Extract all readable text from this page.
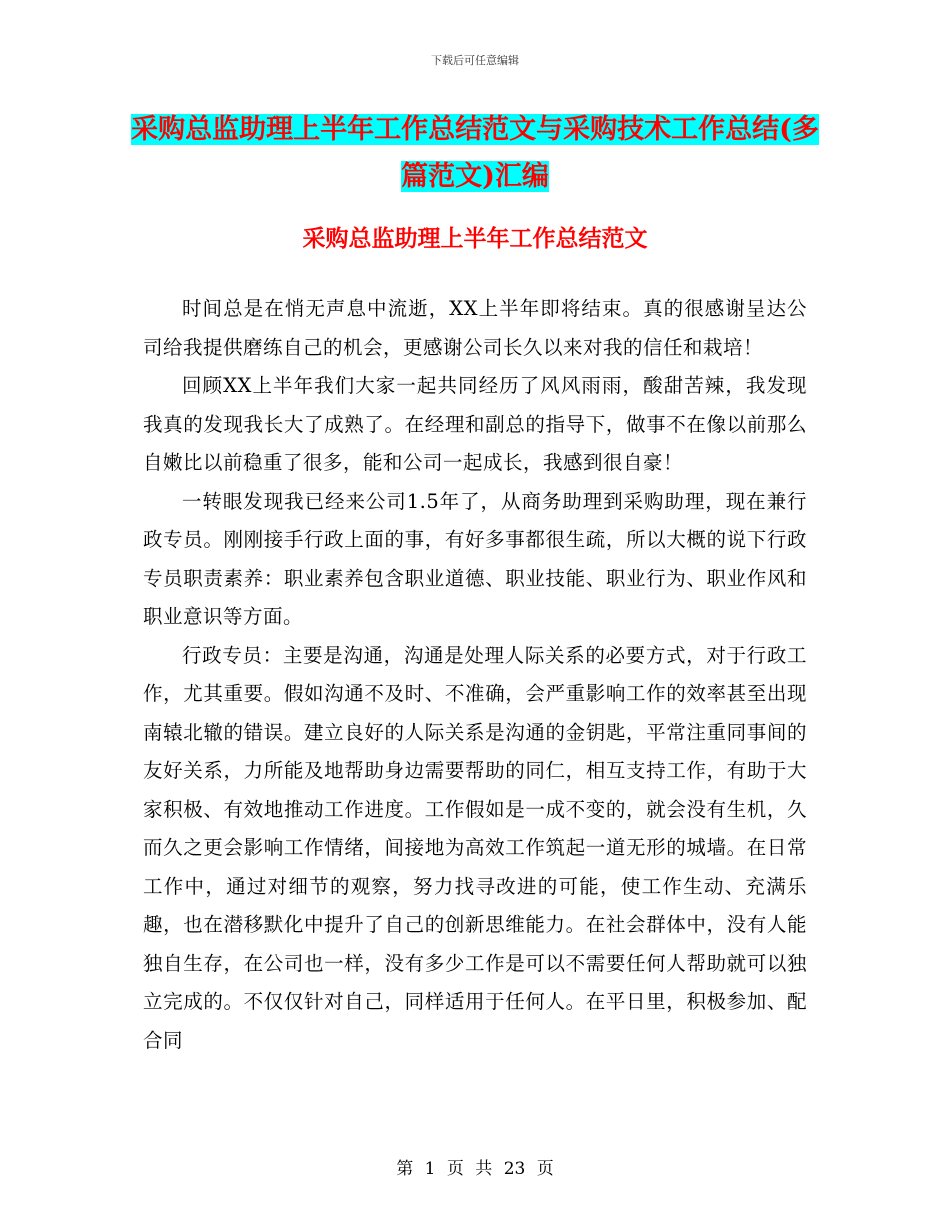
下载后可任意编辑
采购总监助理上半年工作总结范文与采购技术工作总结(多篇范文)汇编
采购总监助理上半年工作总结范文

时间总是在悄无声息中流逝，XX上半年即将结束。真的很感谢呈达公司给我提供磨练自己的机会，更感谢公司长久以来对我的信任和栽培！

回顾XX上半年我们大家一起共同经历了风风雨雨，酸甜苦辣，我发现我真的发现我长大了成熟了。在经理和副总的指导下，做事不在像以前那么自嫩比以前稳重了很多，能和公司一起成长，我感到很自豪！

一转眼发现我已经来公司1.5年了，从商务助理到采购助理，现在兼行政专员。刚刚接手行政上面的事，有好多事都很生疏，所以大概的说下行政专员职责素养：职业素养包含职业道德、职业技能、职业行为、职业作风和职业意识等方面。

行政专员：主要是沟通，沟通是处理人际关系的必要方式，对于行政工作，尤其重要。假如沟通不及时、不准确，会严重影响工作的效率甚至出现南辕北辙的错误。建立良好的人际关系是沟通的金钥匙，平常注重同事间的友好关系，力所能及地帮助身边需要帮助的同仁，相互支持工作，有助于大家积极、有效地推动工作进度。工作假如是一成不变的，就会没有生机，久而久之更会影响工作情绪，间接地为高效工作筑起一道无形的城墙。在日常工作中，通过对细节的观察，努力找寻改进的可能，使工作生动、充满乐趣，也在潜移默化中提升了自己的创新思维能力。在社会群体中，没有人能独自生存，在公司也一样，没有多少工作是可以不需要任何人帮助就可以独立完成的。不仅仅针对自己，同样适用于任何人。在平日里，积极参加、配合同

第 1 页 共 23 页
